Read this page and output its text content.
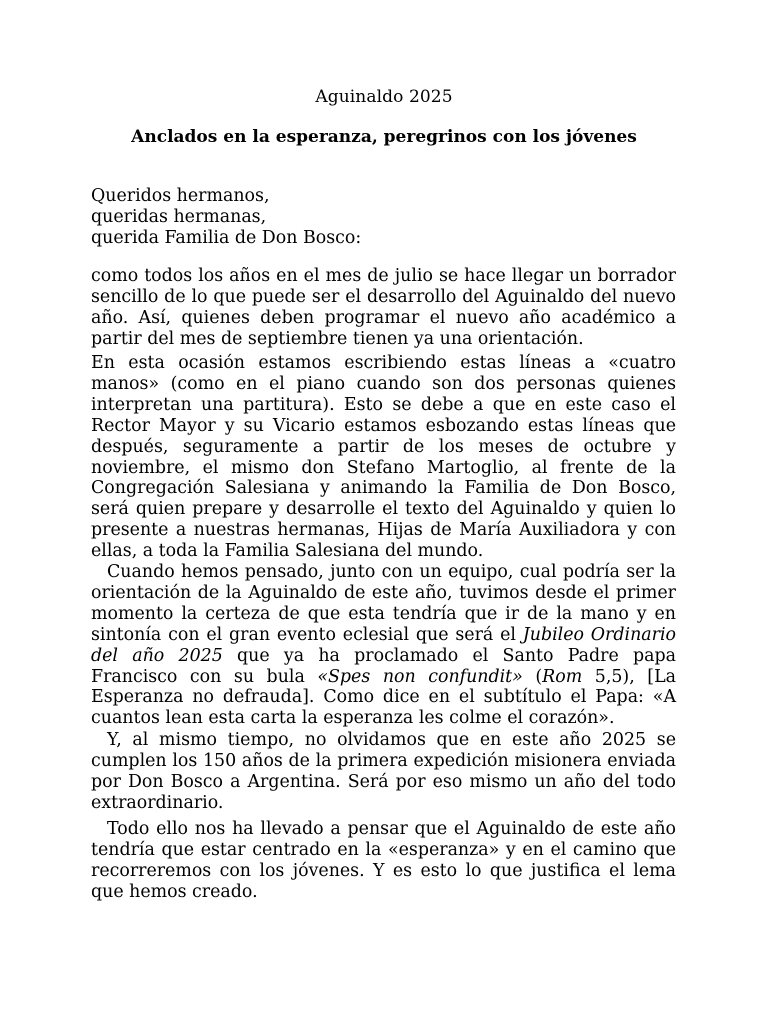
Aguinaldo 2025
Anclados en la esperanza, peregrinos con los jóvenes
Queridos hermanos,
queridas hermanas,
querida Familia de Don Bosco:

como todos los años en el mes de julio se hace llegar un borrador sencillo de lo que puede ser el desarrollo del Aguinaldo del nuevo año. Así, quienes deben programar el nuevo año académico a partir del mes de septiembre tienen ya una orientación.

En esta ocasión estamos escribiendo estas líneas a «cuatro manos» (como en el piano cuando son dos personas quienes interpretan una partitura). Esto se debe a que en este caso el Rector Mayor y su Vicario estamos esbozando estas líneas que después, seguramente a partir de los meses de octubre y noviembre, el mismo don Stefano Martoglio, al frente de la Congregación Salesiana y animando la Familia de Don Bosco, será quien prepare y desarrolle el texto del Aguinaldo y quien lo presente a nuestras hermanas, Hijas de María Auxiliadora y con ellas, a toda la Familia Salesiana del mundo.

Cuando hemos pensado, junto con un equipo, cual podría ser la orientación de la Aguinaldo de este año, tuvimos desde el primer momento la certeza de que esta tendría que ir de la mano y en sintonía con el gran evento eclesial que será el Jubileo Ordinario del año 2025 que ya ha proclamado el Santo Padre papa Francisco con su bula «Spes non confundit» (Rom 5,5), [La Esperanza no defrauda]. Como dice en el subtítulo el Papa: «A cuantos lean esta carta la esperanza les colme el corazón».

Y, al mismo tiempo, no olvidamos que en este año 2025 se cumplen los 150 años de la primera expedición misionera enviada por Don Bosco a Argentina. Será por eso mismo un año del todo extraordinario.

Todo ello nos ha llevado a pensar que el Aguinaldo de este año tendría que estar centrado en la «esperanza» y en el camino que recorreremos con los jóvenes. Y es esto lo que justifica el lema que hemos creado.
